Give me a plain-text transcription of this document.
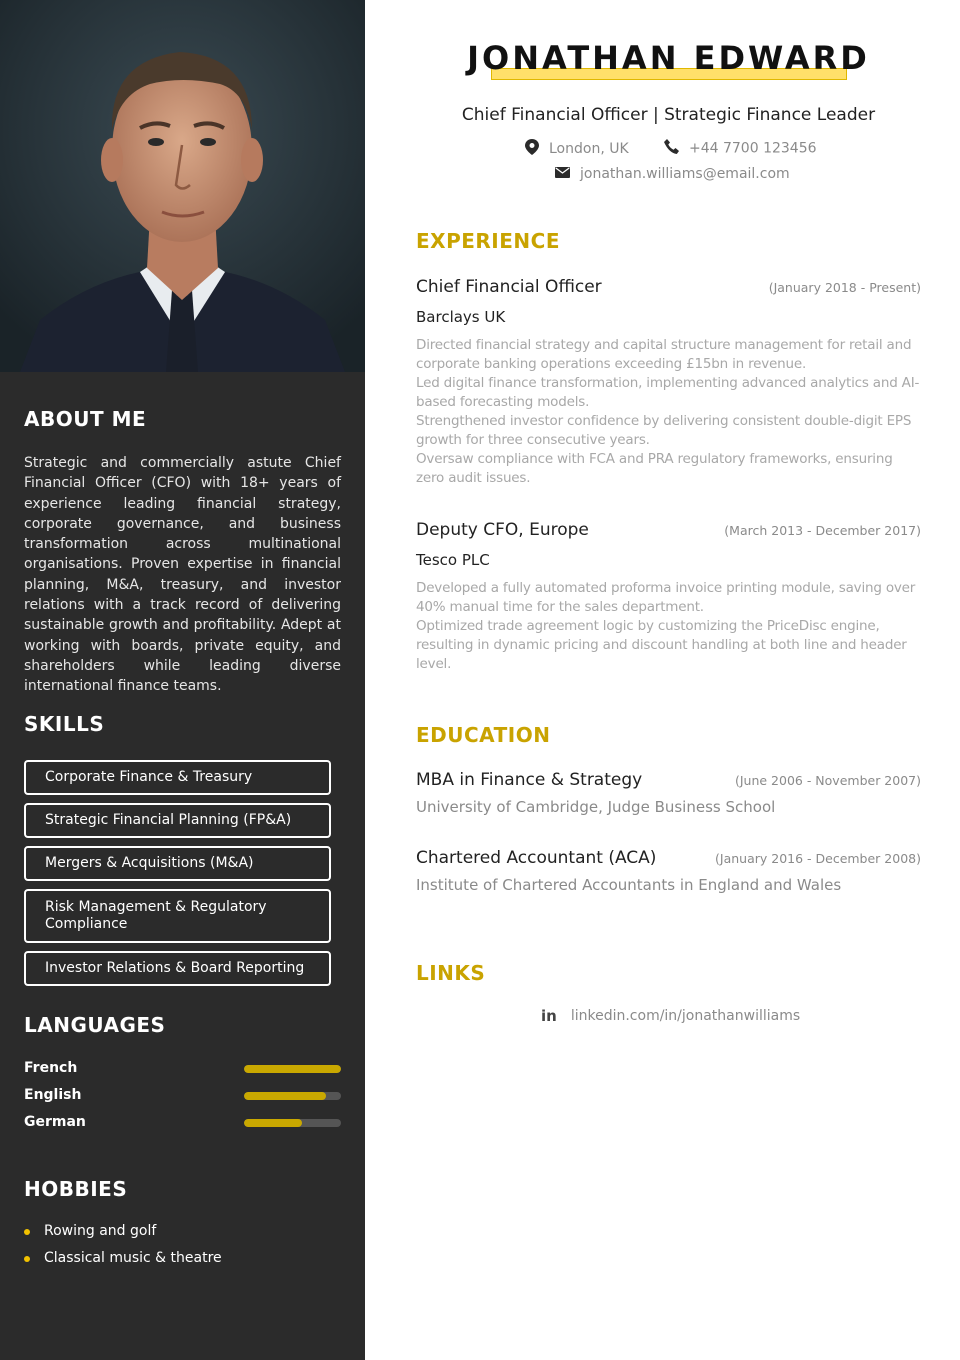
ABOUT ME
Strategic and commercially astute Chief Financial Officer (CFO) with 18+ years of experience leading financial strategy, corporate governance, and business transformation across multinational organisations. Proven expertise in financial planning, M&A, treasury, and investor relations with a track record of delivering sustainable growth and profitability. Adept at working with boards, private equity, and shareholders while leading diverse international finance teams.
SKILLS
Corporate Finance & Treasury
Strategic Financial Planning (FP&A)
Mergers & Acquisitions (M&A)
Risk Management & Regulatory Compliance
Investor Relations & Board Reporting
LANGUAGES
French
English
German
HOBBIES
Rowing and golf
Classical music & theatre
JONATHAN EDWARD
Chief Financial Officer | Strategic Finance Leader
London, UK	+44 7700 123456
jonathan.williams@email.com
EXPERIENCE
Chief Financial Officer	(January 2018 - Present)
Barclays UK
Directed financial strategy and capital structure management for retail and corporate banking operations exceeding £15bn in revenue.
Led digital finance transformation, implementing advanced analytics and AI-based forecasting models.
Strengthened investor confidence by delivering consistent double-digit EPS growth for three consecutive years.
Oversaw compliance with FCA and PRA regulatory frameworks, ensuring zero audit issues.
Deputy CFO, Europe	(March 2013 - December 2017)
Tesco PLC
Developed a fully automated proforma invoice printing module, saving over 40% manual time for the sales department.
Optimized trade agreement logic by customizing the PriceDisc engine, resulting in dynamic pricing and discount handling at both line and header level.
EDUCATION
MBA in Finance & Strategy	(June 2006 - November 2007)
University of Cambridge, Judge Business School
Chartered Accountant (ACA)	(January 2016 - December 2008)
Institute of Chartered Accountants in England and Wales
LINKS
in linkedin.com/in/jonathanwilliams
